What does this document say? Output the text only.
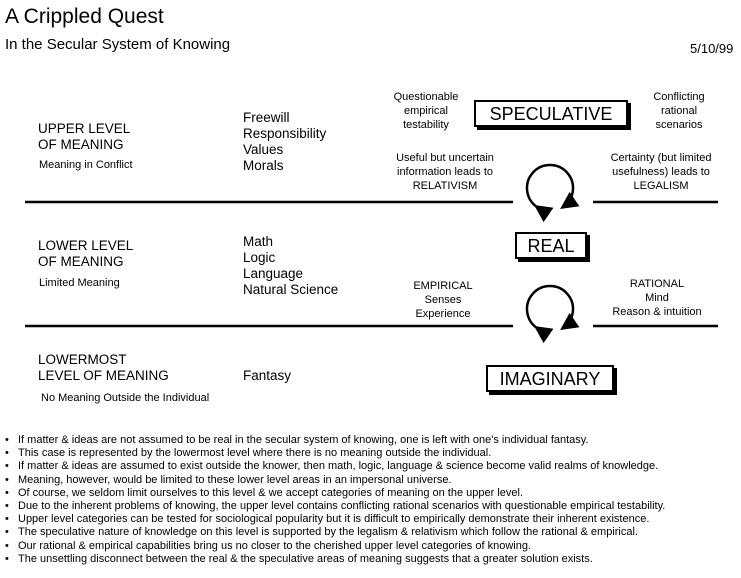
A Crippled Quest
In the Secular System of Knowing	5/10/99
UPPER LEVEL
OF MEANING
Meaning in Conflict
Freewill
Responsibility
Values
Morals
LOWER LEVEL
OF MEANING
Limited Meaning
Math
Logic
Language
Natural Science
LOWERMOST
LEVEL OF MEANING
No Meaning Outside the Individual
Fantasy
SPECULATIVE
REAL
IMAGINARY
Questionable
empirical
testability
Conflicting
rational
scenarios
Useful but uncertain
information leads to
RELATIVISM
Certainty (but limited
usefulness) leads to
LEGALISM
EMPIRICAL
Senses
Experience
RATIONAL
Mind
Reason & intuition
• If matter & ideas are not assumed to be real in the secular system of knowing, one is left with one's individual fantasy.
• This case is represented by the lowermost level where there is no meaning outside the individual.
• If matter & ideas are assumed to exist outside the knower, then math, logic, language & science become valid realms of knowledge.
• Meaning, however, would be limited to these lower level areas in an impersonal universe.
• Of course, we seldom limit ourselves to this level & we accept categories of meaning on the upper level.
• Due to the inherent problems of knowing, the upper level contains conflicting rational scenarios with questionable empirical testability.
• Upper level categories can be tested for sociological popularity but it is difficult to empirically demonstrate their inherent existence.
• The speculative nature of knowledge on this level is supported by the legalism & relativism which follow the rational & empirical.
• Our rational & empirical capabilities bring us no closer to the cherished upper level categories of knowing.
• The unsettling disconnect between the real & the speculative areas of meaning suggests that a greater solution exists.
